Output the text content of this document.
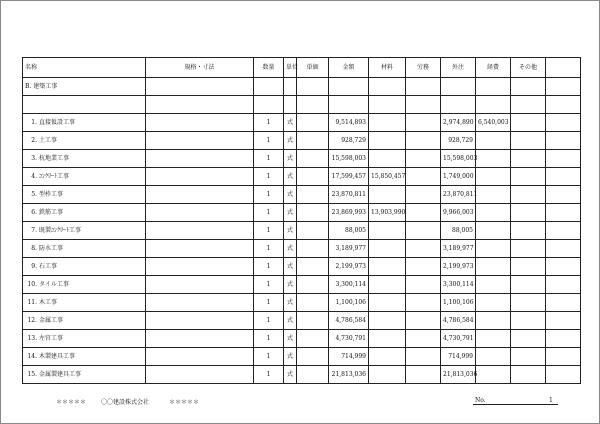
名称	規格・寸法	数量	単位	単価	金額	材料	労務	外注	経費	その他	
B. 建築工事											

1. 直接仮設工事		1	式		9,514,893			2,974,890	6,540,003		
2. 土工事		1	式		928,729			928,729			
3. 杭地業工事		1	式		15,598,003			15,598,003			
4. ｺﾝｸﾘｰﾄ工事		1	式		17,599,457	15,850,457		1,749,000			
5. 型枠工事		1	式		23,870,811			23,870,811			
6. 鉄筋工事		1	式		23,869,993	13,903,990		9,966,003			
7. 既製ｺﾝｸﾘｰﾄ工事		1	式		88,005			88,005			
8. 防水工事		1	式		3,189,977			3,189,977			
9. 石工事		1	式		2,199,973			2,199,973			
10. タイル工事		1	式		3,300,114			3,300,114			
11. 木工事		1	式		1,100,106			1,100,106			
12. 金属工事		1	式		4,786,584			4,786,584			
13. 左官工事		1	式		4,730,791			4,730,791			
14. 木製建具工事		1	式		714,999			714,999			
15. 金属製建具工事		1	式		21,813,036			21,813,036			
＊＊＊＊＊ 〇〇建設株式会社	＊＊＊＊＊	No.	1
